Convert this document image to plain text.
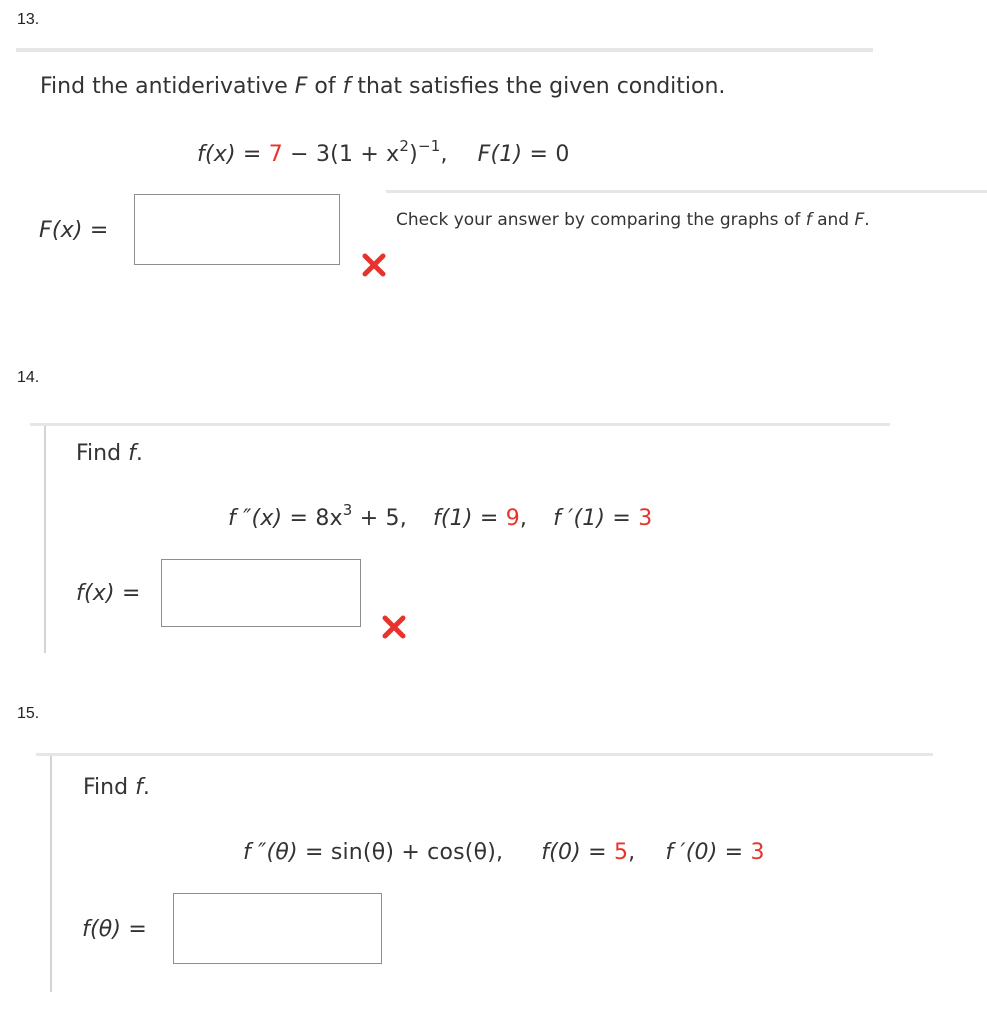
13.
Find the antiderivative F of f that satisfies the given condition.
$f(x) = 7 - 3(1 + x^2)^{-1}$, F(1) = 0
Check your answer by comparing the graphs of f and F.
F(x) =
14.
Find f.
f $''(x) = 8x^3 + 5$, f(1) = 9, f ′(1) = 3
f(x) =
15.
Find f.
f ″(θ) = sin(θ) + cos(θ), f(0) = 5, f ′(0) = 3
f(θ) =
